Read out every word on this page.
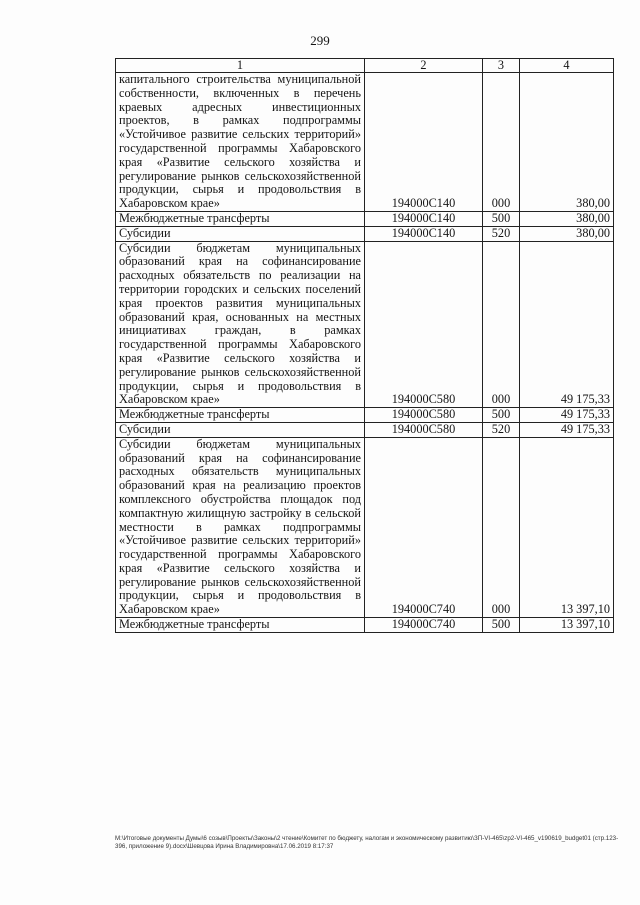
299
1	2	3	4
капитального строительства муниципальной собственности, включенных в перечень краевых адресных инвестиционных проектов, в рамках подпрограммы «Устойчивое развитие сельских территорий» государственной программы Хабаровского края «Развитие сельского хозяйства и регулирование рынков сельскохозяйственной продукции, сырья и продовольствия в Хабаровском крае»	194000С140	000	380,00
Межбюджетные трансферты	194000С140	500	380,00
Субсидии	194000С140	520	380,00
Субсидии бюджетам муниципальных образований края на софинансирование расходных обязательств по реализации на территории городских и сельских поселений края проектов развития муниципальных образований края, основанных на местных инициативах граждан, в рамках государственной программы Хабаровского края «Развитие сельского хозяйства и регулирование рынков сельскохозяйственной продукции, сырья и продовольствия в Хабаровском крае»	194000С580	000	49 175,33
Межбюджетные трансферты	194000С580	500	49 175,33
Субсидии	194000С580	520	49 175,33
Субсидии бюджетам муниципальных образований края на софинансирование расходных обязательств муниципальных образований края на реализацию проектов комплексного обустройства площадок под компактную жилищную застройку в сельской местности в рамках подпрограммы «Устойчивое развитие сельских территорий» государственной программы Хабаровского края «Развитие сельского хозяйства и регулирование рынков сельскохозяйственной продукции, сырья и продовольствия в Хабаровском крае»	194000С740	000	13 397,10
Межбюджетные трансферты	194000С740	500	13 397,10
М:\Итоговые документы Думы\6 созыв\Проекты\Законы\2 чтение\Комитет по бюджету, налогам и экономическому развитию\ЗП-VI-465\zp2-VI-465_v190619_budget01 (стр.123-396, приложение 9).docx\Шевцова Ирина Владимировна\17.06.2019 8:17:37
